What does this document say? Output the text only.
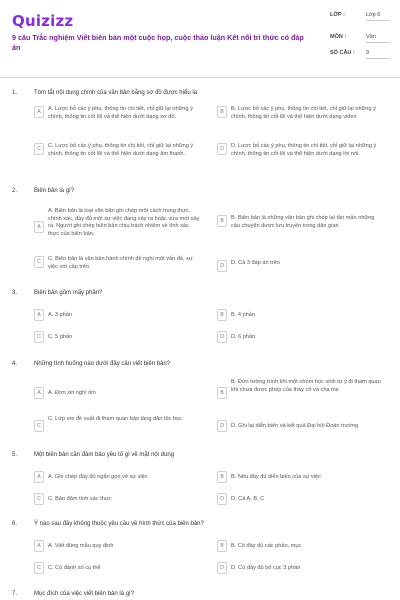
Quizizz
9 câu Trắc nghiệm Viết biên bản một cuộc họp, cuộc thảo luận Kết nối tri thức có đáp án
LỚP :	Lớp 6
MÔN :	Văn
SỐ CÂU : 9
1.	Tóm tắt nội dung chính của văn bản bằng sơ đồ được hiểu là:
A	A. Lược bỏ các ý phụ, thông tin chi tiết, chỉ giữ lại những ý chính, thông tin cốt lõi và thể hiện dưới dạng sơ đồ.
B	B. Lược bỏ các ý phụ, thông tin chi tiết, chỉ giữ lại những ý chính, thông tin cốt lõi và thể hiện dưới dạng video
C	C. Lược bỏ các ý phụ, thông tin chi tiết, chỉ giữ lại những ý chính, thông tin cốt lõi và thể hiện dưới dạng âm thanh.
D	D. Lược bỏ các ý phụ, thông tin chi tiết, chỉ giữ lại những ý chính, thông tin cốt lõi và thể hiện dưới dạng lời nói.
2.	Biên bản là gì?
A
A. Biên bản là loại văn bản ghi chép một cách trung thực, chính xác, đầy đủ một sự việc đang xảy ra hoặc vừa mới xảy ra. Người ghi chép biên bản chịu trách nhiệm về tính xác thực của biên bản.
B	B. Biên bản là những văn bản ghi chép lại tản mản những câu chuyện được lưu truyền trong dân gian
C	C. Biên bản là văn bản hành chính đề nghị một vấn đề, sự việc với cấp trên	D	D. Cả 3 đáp án trên
3.	Biên bản gồm mấy phần?
A	A. 3 phần	B	B. 4 phần
C	C. 5 phần	D	D. 6 phần
4.	Những tình huống nào dưới đây cần viết biên bản?
A	A. Đơn xin nghỉ ốm	B
B. Đơn tường trình khi một nhóm học sinh tự ý đi tham quan khi chưa được phép của thầy cô và cha mẹ
C
C. Lớp em đề xuất đi tham quan bảo tàng dân tộc học
D	D. Ghi lại diễn biến và kết quả Đại hội Đoàn trường
5.	Một biên bản cần đảm bảo yêu tố gì về mặt nội dung
A	A. Ghi chép đầy đủ ngắn gọn về sự việc	B	B. Nêu đầy đủ diễn biến của sự việc
C	C. Bảo đảm tính xác thực	D	D. Cả A, B, C
6.	Ý nào sau đây không thuộc yêu cầu về hình thức của biên bản?
A	A. Viết đúng mẫu quy định	B	B. Có đầy đủ các phần, mục
C	C. Có đánh số cụ thể	D	D. Có đầy đủ bố cục 3 phần
7.	Mục đích của việc viết biên bản là gì?
